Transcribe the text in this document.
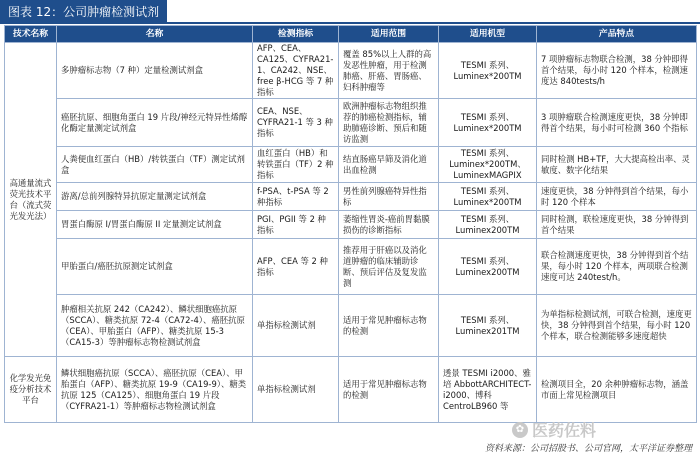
图表 12：公司肿瘤检测试剂
技术名称	名称	检测指标	适用范围	适用机型	产品特点
高通量流式荧光技术平台（流式荧光发光法）	多肿瘤标志物（7 种）定量检测试剂盒	AFP、CEA、CA125、CYFRA21-1、CA242、NSE、free β-HCG 等 7 种指标	覆盖 85%以上人群的高发恶性肿瘤，用于检测肺癌、肝癌、胃肠癌、妇科肿瘤等	TESMI 系列、Luminex*200TM	7 项肿瘤标志物联合检测，38 分钟即得首个结果，每小时 120 个样本，检测速度达 840tests/h
	癌胚抗原、细胞角蛋白 19 片段/神经元特异性烯醇化酶定量测定试剂盒	CEA、NSE、CYFRA21-1 等 3 种指标	欧洲肿瘤标志物组织推荐的肺癌检测指标，辅助肺癌诊断、预后和随访监测	TESMI 系列、Luminex*200TM	3 项肿瘤联合检测速度更快，38 分钟即得首个结果，每小时可检测 360 个指标
	人粪便血红蛋白（HB）/转铁蛋白（TF）测定试剂盒	血红蛋白（HB）和转铁蛋白（TF）2 种指标	结直肠癌早筛及消化道出血检测	TESMI 系列、Luminex*200TM、LuminexMAGPIX	同时检测 HB+TF，大大提高检出率、灵敏度、数字化结果
	游离/总前列腺特异抗原定量测定试剂盒	f-PSA、t-PSA 等 2 种指标	男性前列腺癌特异性指标	TESMI 系列、Luminex*200TM	速度更快，38 分钟得到首个结果，每小时 120 个样本
	胃蛋白酶原 I/胃蛋白酶原 II 定量测定试剂盒	PGI、PGII 等 2 种指标	萎缩性胃炎-癌前胃黏膜损伤的诊断指标	TESMI 系列、Luminex200TM	同时检测，联检速度更快，38 分钟得到首个结果
	甲胎蛋白/癌胚抗原测定试剂盒	AFP、CEA 等 2 种指标	推荐用于肝癌以及消化道肿瘤的临床辅助诊断、预后评估及复发监测	TESMI 系列、Luminex200TM	联合检测速度更快，38 分钟得到首个结果，每小时 120 个样本，两项联合检测速度可达 240test/h。
	肿瘤相关抗原 242（CA242）、鳞状细胞癌抗原（SCCA）、糖类抗原 72-4（CA72-4）、癌胚抗原（CEA）、甲胎蛋白（AFP）、糖类抗原 15-3（CA15-3）等肿瘤标志物检测试剂盒	单指标检测试剂	适用于常见肿瘤标志物的检测	TESMI 系列、Luminex201TM	为单指标检测试剂，可联合检测，速度更快，38 分钟得到首个结果，每小时 120 个样本，联合检测能够多速度超快
化学发光免疫分析技术平台	鳞状细胞癌抗原（SCCA）、癌胚抗原（CEA）、甲胎蛋白（AFP）、糖类抗原 19-9（CA19-9）、糖类抗原 125（CA125）、细胞角蛋白 19 片段（CYFRA21-1）等肿瘤标志物检测试剂盒	单指标检测试剂	适用于常见肿瘤标志物的检测	透景 TESMI i2000、雅培 AbbottARCHITECT-i2000、博科 CentroLB960 等	检测项目全，20 余种肿瘤标志物，涵盖市面上常见检测项目
✿ 医药佐料
资料来源：公司招股书、公司官网，太平洋证券整理
